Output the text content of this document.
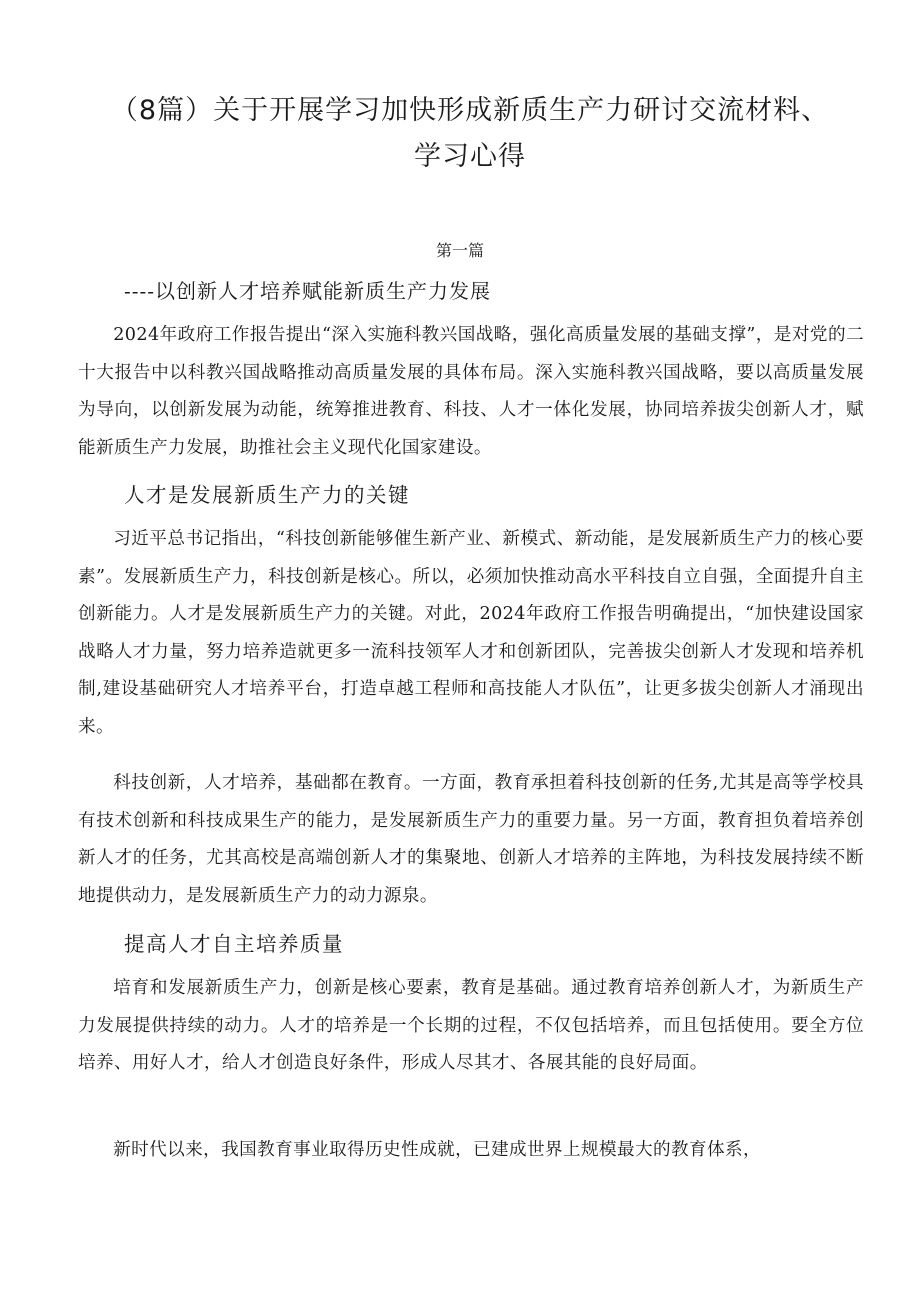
（8篇）关于开展学习加快形成新质生产力研讨交流材料、学习心得

第一篇

----以创新人才培养赋能新质生产力发展

2024年政府工作报告提出“深入实施科教兴国战略，强化高质量发展的基础支撑”，是对党的二十大报告中以科教兴国战略推动高质量发展的具体布局。深入实施科教兴国战略，要以高质量发展为导向，以创新发展为动能，统筹推进教育、科技、人才一体化发展，协同培养拔尖创新人才，赋能新质生产力发展，助推社会主义现代化国家建设。

人才是发展新质生产力的关键

习近平总书记指出，“科技创新能够催生新产业、新模式、新动能，是发展新质生产力的核心要素”。发展新质生产力，科技创新是核心。所以，必须加快推动高水平科技自立自强，全面提升自主创新能力。人才是发展新质生产力的关键。对此，2024年政府工作报告明确提出，“加快建设国家战略人才力量，努力培养造就更多一流科技领军人才和创新团队，完善拔尖创新人才发现和培养机制,建设基础研究人才培养平台，打造卓越工程师和高技能人才队伍”，让更多拔尖创新人才涌现出来。

科技创新，人才培养，基础都在教育。一方面，教育承担着科技创新的任务,尤其是高等学校具有技术创新和科技成果生产的能力，是发展新质生产力的重要力量。另一方面，教育担负着培养创新人才的任务，尤其高校是高端创新人才的集聚地、创新人才培养的主阵地，为科技发展持续不断地提供动力，是发展新质生产力的动力源泉。

提高人才自主培养质量

培育和发展新质生产力，创新是核心要素，教育是基础。通过教育培养创新人才，为新质生产力发展提供持续的动力。人才的培养是一个长期的过程，不仅包括培养，而且包括使用。要全方位培养、用好人才，给人才创造良好条件，形成人尽其才、各展其能的良好局面。

新时代以来，我国教育事业取得历史性成就，已建成世界上规模最大的教育体系，
